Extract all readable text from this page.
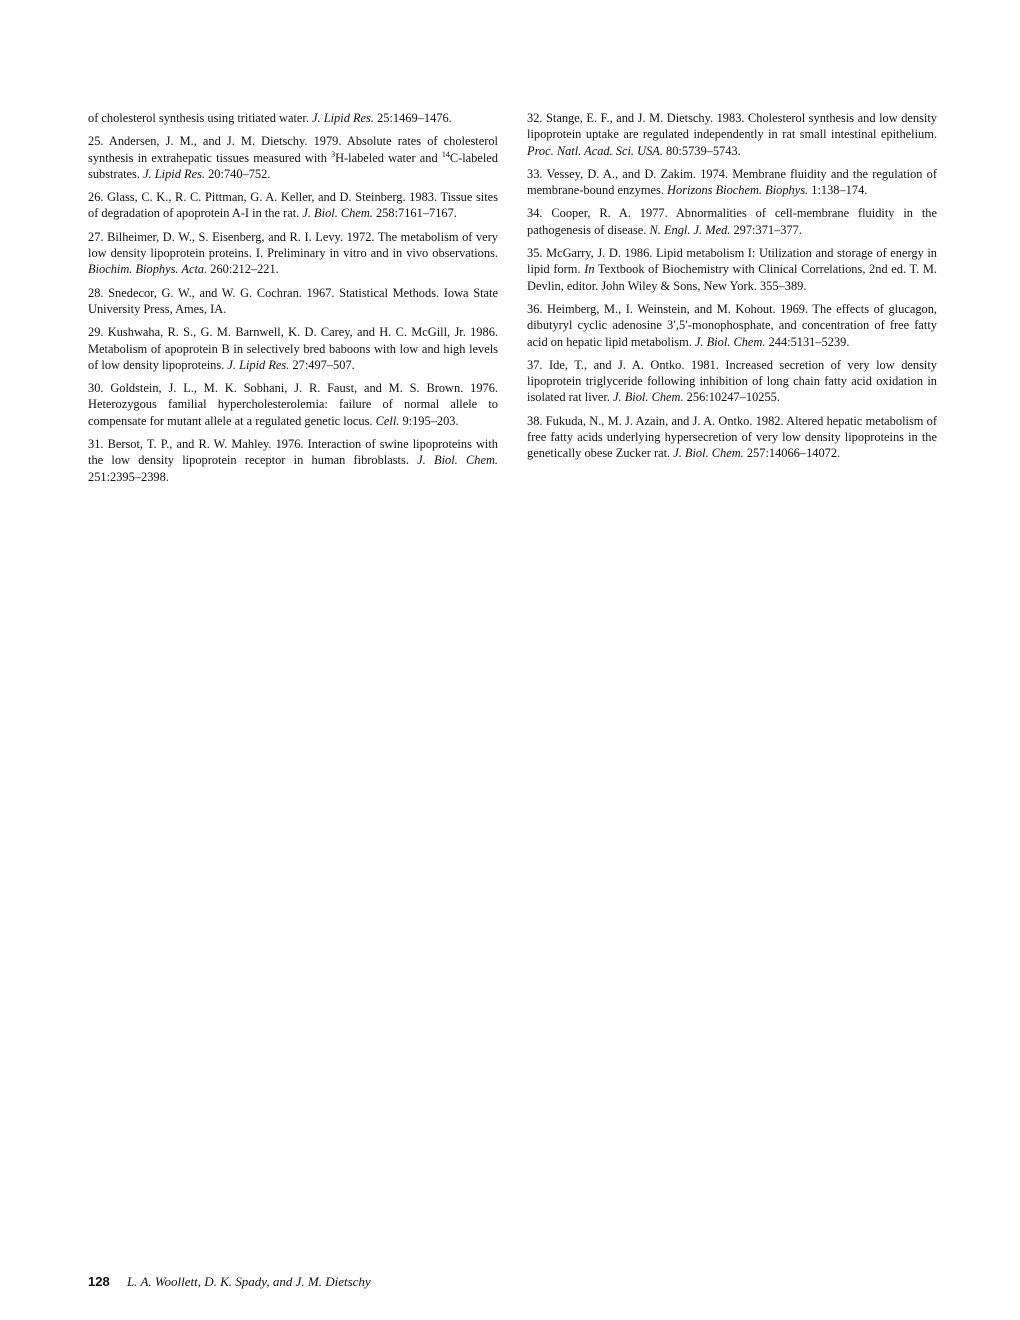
of cholesterol synthesis using tritiated water. J. Lipid Res. 25:1469–1476.

25. Andersen, J. M., and J. M. Dietschy. 1979. Absolute rates of cholesterol synthesis in extrahepatic tissues measured with $^3$H-labeled water and $^{14}$C-labeled substrates. J. Lipid Res. 20:740–752.

26. Glass, C. K., R. C. Pittman, G. A. Keller, and D. Steinberg. 1983. Tissue sites of degradation of apoprotein A-I in the rat. J. Biol. Chem. 258:7161–7167.

27. Bilheimer, D. W., S. Eisenberg, and R. I. Levy. 1972. The metabolism of very low density lipoprotein proteins. I. Preliminary in vitro and in vivo observations. Biochim. Biophys. Acta. 260:212–221.

28. Snedecor, G. W., and W. G. Cochran. 1967. Statistical Methods. Iowa State University Press, Ames, IA.

29. Kushwaha, R. S., G. M. Barnwell, K. D. Carey, and H. C. McGill, Jr. 1986. Metabolism of apoprotein B in selectively bred baboons with low and high levels of low density lipoproteins. J. Lipid Res. 27:497–507.

30. Goldstein, J. L., M. K. Sobhani, J. R. Faust, and M. S. Brown. 1976. Heterozygous familial hypercholesterolemia: failure of normal allele to compensate for mutant allele at a regulated genetic locus. Cell. 9:195–203.

31. Bersot, T. P., and R. W. Mahley. 1976. Interaction of swine lipoproteins with the low density lipoprotein receptor in human fibroblasts. J. Biol. Chem. 251:2395–2398.

32. Stange, E. F., and J. M. Dietschy. 1983. Cholesterol synthesis and low density lipoprotein uptake are regulated independently in rat small intestinal epithelium. Proc. Natl. Acad. Sci. USA. 80:5739–5743.

33. Vessey, D. A., and D. Zakim. 1974. Membrane fluidity and the regulation of membrane-bound enzymes. Horizons Biochem. Biophys. 1:138–174.

34. Cooper, R. A. 1977. Abnormalities of cell-membrane fluidity in the pathogenesis of disease. N. Engl. J. Med. 297:371–377.

35. McGarry, J. D. 1986. Lipid metabolism I: Utilization and storage of energy in lipid form. In Textbook of Biochemistry with Clinical Correlations, 2nd ed. T. M. Devlin, editor. John Wiley & Sons, New York. 355–389.

36. Heimberg, M., I. Weinstein, and M. Kohout. 1969. The effects of glucagon, dibutyryl cyclic adenosine 3′,5′-monophosphate, and concentration of free fatty acid on hepatic lipid metabolism. J. Biol. Chem. 244:5131–5239.

37. Ide, T., and J. A. Ontko. 1981. Increased secretion of very low density lipoprotein triglyceride following inhibition of long chain fatty acid oxidation in isolated rat liver. J. Biol. Chem. 256:10247–10255.

38. Fukuda, N., M. J. Azain, and J. A. Ontko. 1982. Altered hepatic metabolism of free fatty acids underlying hypersecretion of very low density lipoproteins in the genetically obese Zucker rat. J. Biol. Chem. 257:14066–14072.

128 L. A. Woollett, D. K. Spady, and J. M. Dietschy
